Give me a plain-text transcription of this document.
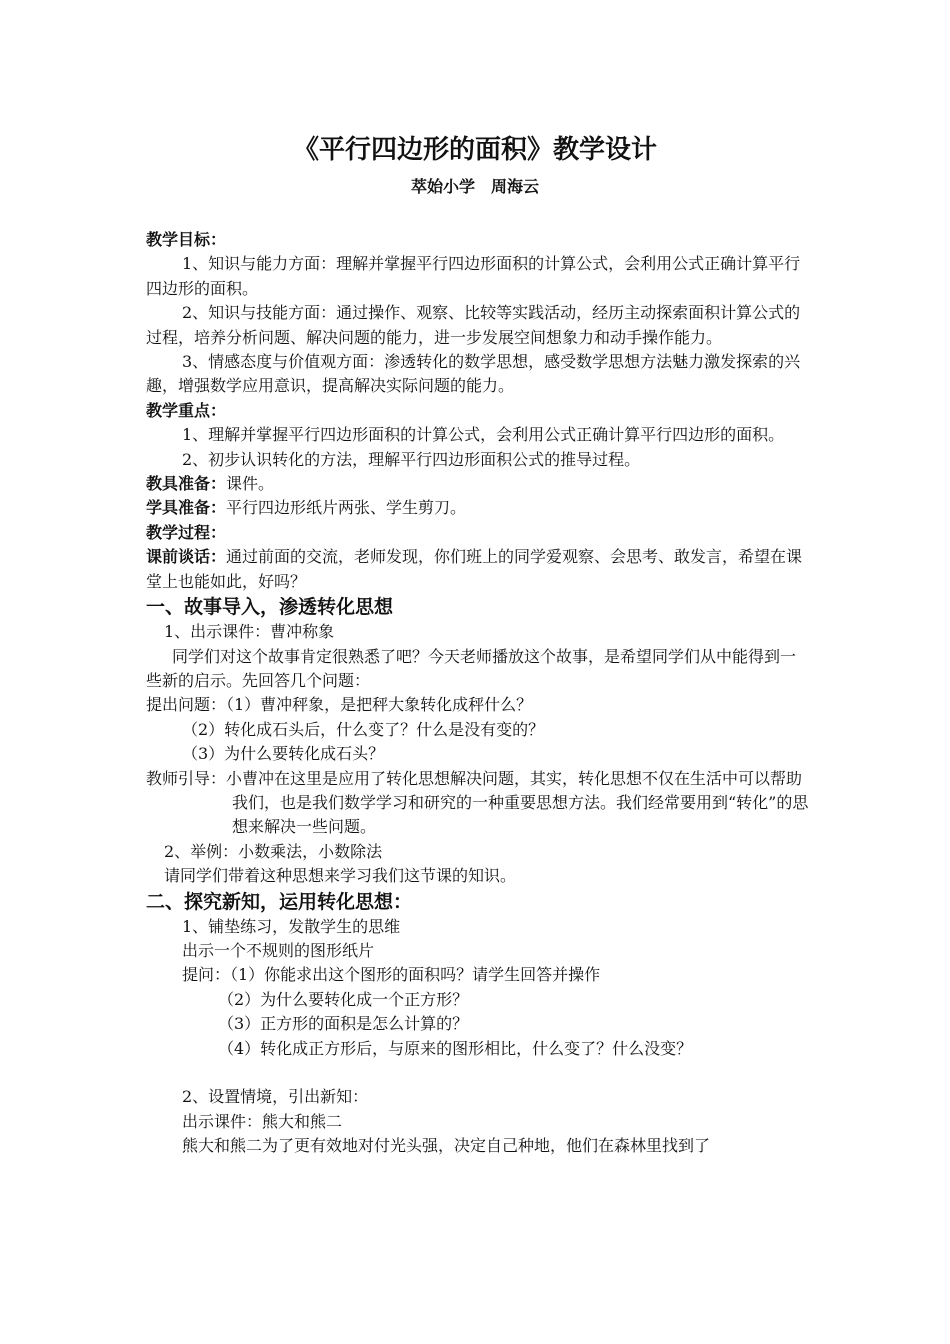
《平行四边形的面积》教学设计

萃始小学　周海云

教学目标：

1、知识与能力方面：理解并掌握平行四边形面积的计算公式，会利用公式正确计算平行四边形的面积。

2、知识与技能方面：通过操作、观察、比较等实践活动，经历主动探索面积计算公式的过程，培养分析问题、解决问题的能力，进一步发展空间想象力和动手操作能力。

3、情感态度与价值观方面：渗透转化的数学思想，感受数学思想方法魅力激发探索的兴趣，增强数学应用意识，提高解决实际问题的能力。

教学重点：

1、理解并掌握平行四边形面积的计算公式，会利用公式正确计算平行四边形的面积。

2、初步认识转化的方法，理解平行四边形面积公式的推导过程。

教具准备：课件。

学具准备：平行四边形纸片两张、学生剪刀。

教学过程：

课前谈话：通过前面的交流，老师发现，你们班上的同学爱观察、会思考、敢发言，希望在课堂上也能如此，好吗？

一、故事导入，渗透转化思想

1、出示课件：曹冲称象

同学们对这个故事肯定很熟悉了吧？今天老师播放这个故事，是希望同学们从中能得到一些新的启示。先回答几个问题：

提出问题：（1）曹冲秤象，是把秤大象转化成秤什么？

（2）转化成石头后，什么变了？什么是没有变的？

（3）为什么要转化成石头？

教师引导：小曹冲在这里是应用了转化思想解决问题，其实，转化思想不仅在生活中可以帮助我们，也是我们数学学习和研究的一种重要思想方法。我们经常要用到“转化”的思想来解决一些问题。

2、举例：小数乘法，小数除法

请同学们带着这种思想来学习我们这节课的知识。

二、探究新知，运用转化思想：

1、铺垫练习，发散学生的思维

出示一个不规则的图形纸片

提问：（1）你能求出这个图形的面积吗？请学生回答并操作

（2）为什么要转化成一个正方形？

（3）正方形的面积是怎么计算的？

（4）转化成正方形后，与原来的图形相比，什么变了？什么没变？

2、设置情境，引出新知：

出示课件：熊大和熊二

熊大和熊二为了更有效地对付光头强，决定自己种地，他们在森林里找到了
